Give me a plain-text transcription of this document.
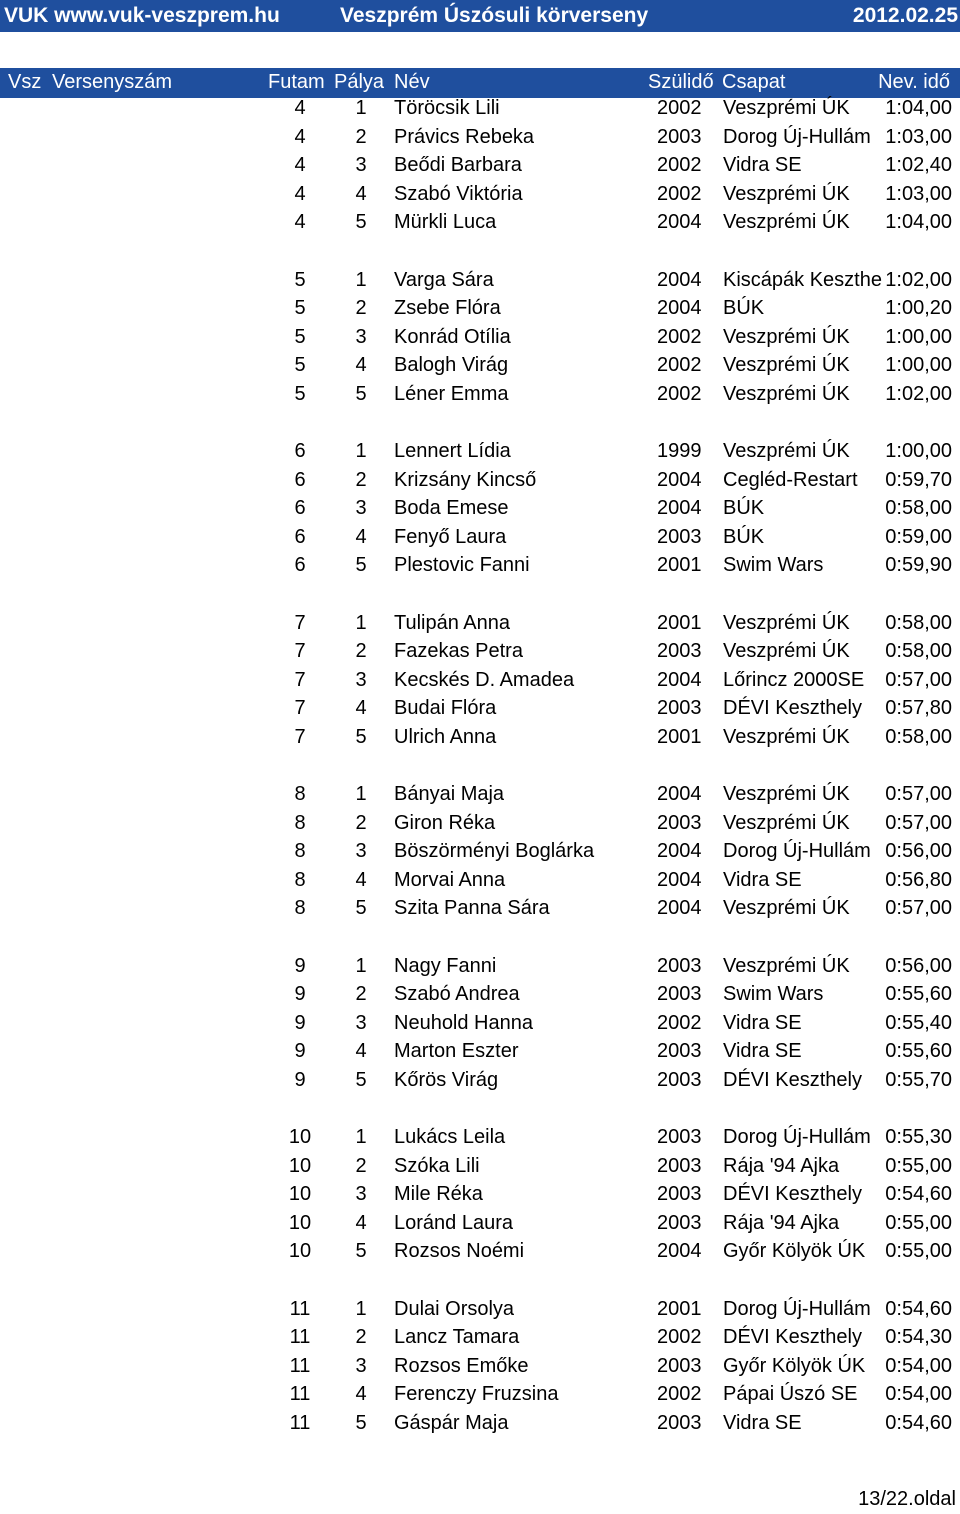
VUK www.vuk-veszprem.hu	Veszprém Úszósuli körverseny	2012.02.25
Vsz Versenyszám	Futam Pálya Név	Szülidő Csapat	Nev. idő
4	1 Töröcsik Lili	2002 Veszprémi ÚK	1:04,00
4	2 Právics Rebeka	2003 Dorog Új-Hullám 1:03,00
4	3 Beődi Barbara	2002 Vidra SE	1:02,40
4	4 Szabó Viktória	2002 Veszprémi ÚK	1:03,00
4	5 Mürkli Luca	2004 Veszprémi ÚK	1:04,00
5	1 Varga Sára	2004 Kiscápák Keszthe 1:02,00
5	2 Zsebe Flóra	2004 BÚK	1:00,20
5	3 Konrád Otília	2002 Veszprémi ÚK	1:00,00
5	4 Balogh Virág	2002 Veszprémi ÚK	1:00,00
5	5 Léner Emma	2002 Veszprémi ÚK	1:02,00
6	1 Lennert Lídia	1999 Veszprémi ÚK	1:00,00
6	2 Krizsány Kincső	2004 Cegléd-Restart	0:59,70
6	3 Boda Emese	2004 BÚK	0:58,00
6	4 Fenyő Laura	2003 BÚK	0:59,00
6	5 Plestovic Fanni	2001 Swim Wars	0:59,90
7	1 Tulipán Anna	2001 Veszprémi ÚK	0:58,00
7	2 Fazekas Petra	2003 Veszprémi ÚK	0:58,00
7	3 Kecskés D. Amadea	2004 Lőrincz 2000SE 0:57,00
7	4 Budai Flóra	2003 DÉVI Keszthely 0:57,80
7	5 Ulrich Anna	2001 Veszprémi ÚK	0:58,00
8	1 Bányai Maja	2004 Veszprémi ÚK	0:57,00
8	2 Giron Réka	2003 Veszprémi ÚK	0:57,00
8	3 Böszörményi Boglárka	2004 Dorog Új-Hullám 0:56,00
8	4 Morvai Anna	2004 Vidra SE	0:56,80
8	5 Szita Panna Sára	2004 Veszprémi ÚK	0:57,00
9	1 Nagy Fanni	2003 Veszprémi ÚK	0:56,00
9	2 Szabó Andrea	2003 Swim Wars	0:55,60
9	3 Neuhold Hanna	2002 Vidra SE	0:55,40
9	4 Marton Eszter	2003 Vidra SE	0:55,60
9	5 Kőrös Virág	2003 DÉVI Keszthely 0:55,70
10	1 Lukács Leila	2003 Dorog Új-Hullám 0:55,30
10	2 Szóka Lili	2003 Rája '94 Ajka	0:55,00
10	3 Mile Réka	2003 DÉVI Keszthely 0:54,60
10	4 Loránd Laura	2003 Rája '94 Ajka	0:55,00
10	5 Rozsos Noémi	2004 Győr Kölyök ÚK 0:55,00
11	1 Dulai Orsolya	2001 Dorog Új-Hullám 0:54,60
11	2 Lancz Tamara	2002 DÉVI Keszthely 0:54,30
11	3 Rozsos Emőke	2003 Győr Kölyök ÚK 0:54,00
11	4 Ferenczy Fruzsina	2002 Pápai Úszó SE	0:54,00
11	5 Gáspár Maja	2003 Vidra SE	0:54,60
13/22.oldal
